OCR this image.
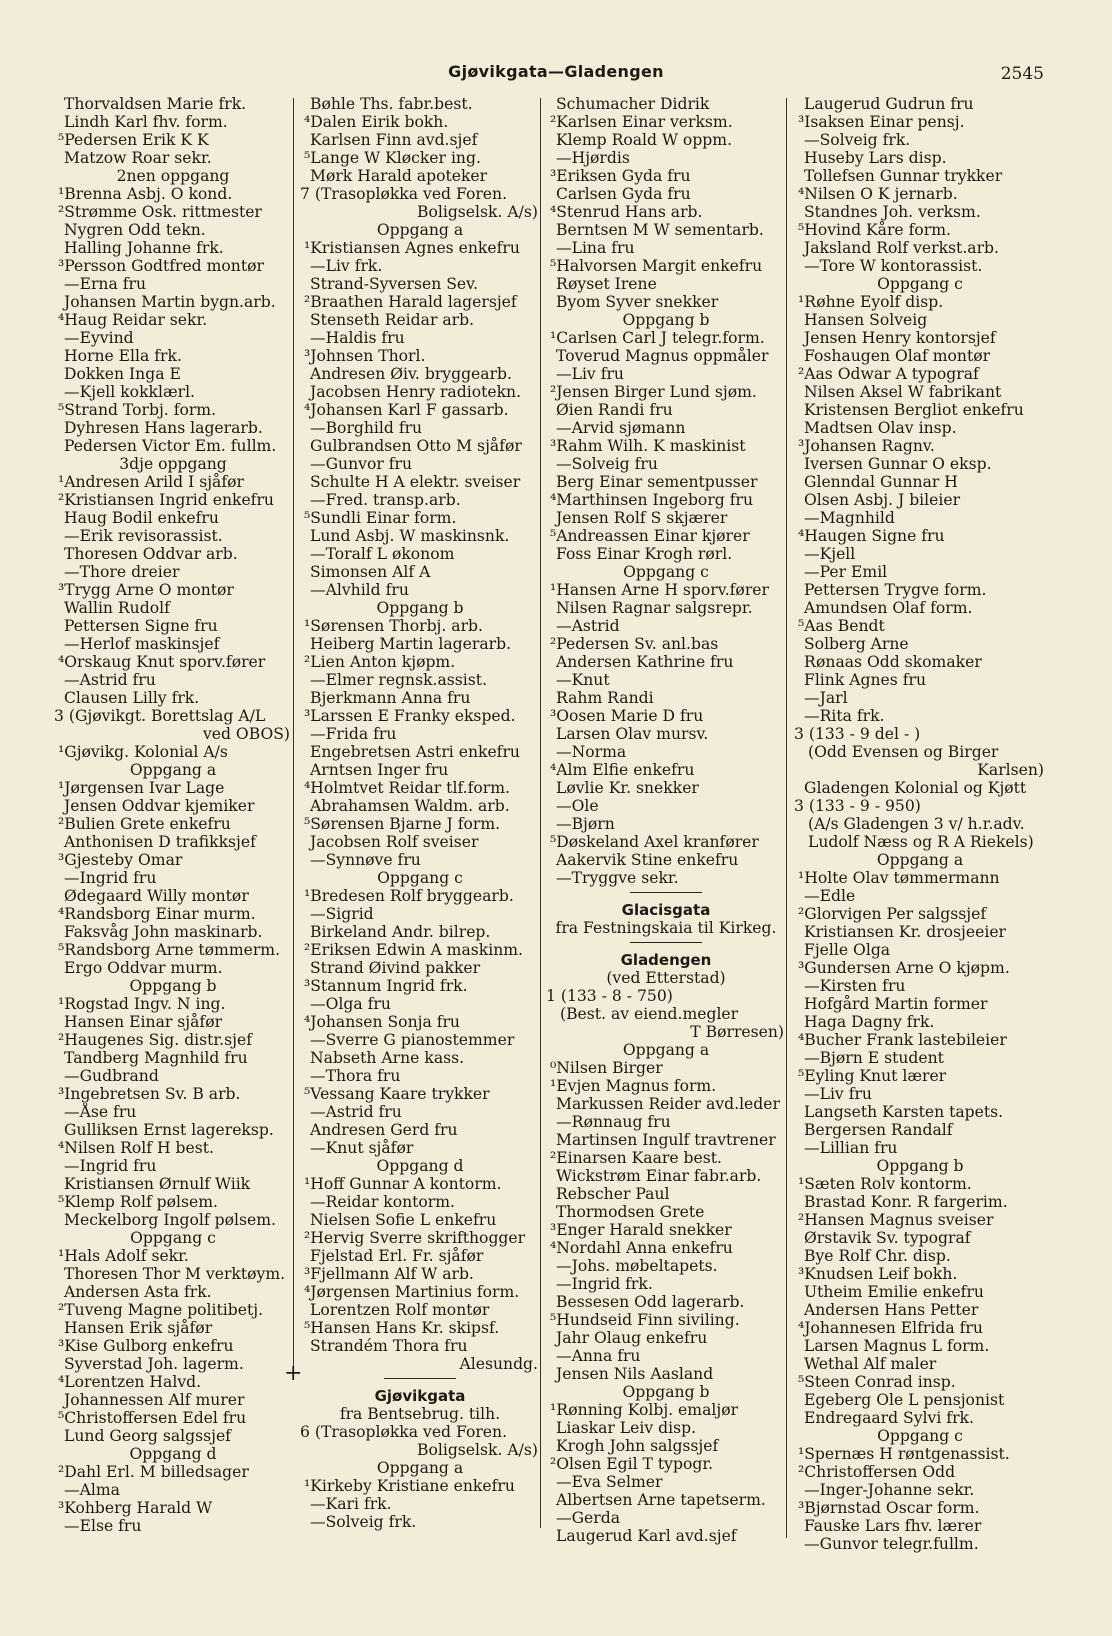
Gjøvikgata—Gladengen	2545
Thorvaldsen Marie frk.
Lindh Karl fhv. form.
⁵Pedersen Erik K K
Matzow Roar sekr.
2nen oppgang
¹Brenna Asbj. O kond.
²Strømme Osk. rittmester
Nygren Odd tekn.
Halling Johanne frk.
³Persson Godtfred montør
—Erna fru
Johansen Martin bygn.arb.
⁴Haug Reidar sekr.
—Eyvind
Horne Ella frk.
Dokken Inga E
—Kjell kokklærl.
⁵Strand Torbj. form.
Dyhresen Hans lagerarb.
Pedersen Victor Em. fullm.
3dje oppgang
¹Andresen Arild I sjåfør
²Kristiansen Ingrid enkefru
Haug Bodil enkefru
—Erik revisorassist.
Thoresen Oddvar arb.
—Thore dreier
³Trygg Arne O montør
Wallin Rudolf
Pettersen Signe fru
—Herlof maskinsjef
⁴Orskaug Knut sporv.fører
—Astrid fru
Clausen Lilly frk.
3 (Gjøvikgt. Borettslag A/L
ved OBOS)
¹Gjøvikg. Kolonial A/s
Oppgang a
¹Jørgensen Ivar Lage
Jensen Oddvar kjemiker
²Bulien Grete enkefru
Anthonisen D trafikksjef
³Gjesteby Omar
—Ingrid fru
Ødegaard Willy montør
⁴Randsborg Einar murm.
Faksvåg John maskinarb.
⁵Randsborg Arne tømmerm.
Ergo Oddvar murm.
Oppgang b
¹Rogstad Ingv. N ing.
Hansen Einar sjåfør
²Haugenes Sig. distr.sjef
Tandberg Magnhild fru
—Gudbrand
³Ingebretsen Sv. B arb.
—Åse fru
Gulliksen Ernst lagereksp.
⁴Nilsen Rolf H best.
—Ingrid fru
Kristiansen Ørnulf Wiik
⁵Klemp Rolf pølsem.
Meckelborg Ingolf pølsem.
Oppgang c
¹Hals Adolf sekr.
Thoresen Thor M verktøym.
Andersen Asta frk.
²Tuveng Magne politibetj.
Hansen Erik sjåfør
³Kise Gulborg enkefru
Syverstad Joh. lagerm.
⁴Lorentzen Halvd.
Johannessen Alf murer
⁵Christoffersen Edel fru
Lund Georg salgssjef
Oppgang d
²Dahl Erl. M billedsager
—Alma
³Kohberg Harald W
—Else fru
Bøhle Ths. fabr.best.
⁴Dalen Eirik bokh.
Karlsen Finn avd.sjef
⁵Lange W Kløcker ing.
Mørk Harald apoteker
7 (Trasopløkka ved Foren.
Boligselsk. A/s)
Oppgang a
¹Kristiansen Agnes enkefru
—Liv frk.
Strand-Syversen Sev.
²Braathen Harald lagersjef
Stenseth Reidar arb.
—Haldis fru
³Johnsen Thorl.
Andresen Øiv. bryggearb.
Jacobsen Henry radiotekn.
⁴Johansen Karl F gassarb.
—Borghild fru
Gulbrandsen Otto M sjåfør
—Gunvor fru
Schulte H A elektr. sveiser
—Fred. transp.arb.
⁵Sundli Einar form.
Lund Asbj. W maskinsnk.
—Toralf L økonom
Simonsen Alf A
—Alvhild fru
Oppgang b
¹Sørensen Thorbj. arb.
Heiberg Martin lagerarb.
²Lien Anton kjøpm.
—Elmer regnsk.assist.
Bjerkmann Anna fru
³Larssen E Franky eksped.
—Frida fru
Engebretsen Astri enkefru
Arntsen Inger fru
⁴Holmtvet Reidar tlf.form.
Abrahamsen Waldm. arb.
⁵Sørensen Bjarne J form.
Jacobsen Rolf sveiser
—Synnøve fru
Oppgang c
¹Bredesen Rolf bryggearb.
—Sigrid
Birkeland Andr. bilrep.
²Eriksen Edwin A maskinm.
Strand Øivind pakker
³Stannum Ingrid frk.
—Olga fru
⁴Johansen Sonja fru
—Sverre G pianostemmer
Nabseth Arne kass.
—Thora fru
⁵Vessang Kaare trykker
—Astrid fru
Andresen Gerd fru
—Knut sjåfør
Oppgang d
¹Hoff Gunnar A kontorm.
—Reidar kontorm.
Nielsen Sofie L enkefru
²Hervig Sverre skrifthogger
Fjelstad Erl. Fr. sjåfør
³Fjellmann Alf W arb.
⁴Jørgensen Martinius form.
Lorentzen Rolf montør
⁵Hansen Hans Kr. skipsf.
Strandém Thora fru
Alesundg.
Gjøvikgata
fra Bentsebrug. tilh.
6 (Trasopløkka ved Foren.
Boligselsk. A/s)
Oppgang a
¹Kirkeby Kristiane enkefru
—Kari frk.
—Solveig frk.
Schumacher Didrik
²Karlsen Einar verksm.
Klemp Roald W oppm.
—Hjørdis
³Eriksen Gyda fru
Carlsen Gyda fru
⁴Stenrud Hans arb.
Berntsen M W sementarb.
—Lina fru
⁵Halvorsen Margit enkefru
Røyset Irene
Byom Syver snekker
Oppgang b
¹Carlsen Carl J telegr.form.
Toverud Magnus oppmåler
—Liv fru
²Jensen Birger Lund sjøm.
Øien Randi fru
—Arvid sjømann
³Rahm Wilh. K maskinist
—Solveig fru
Berg Einar sementpusser
⁴Marthinsen Ingeborg fru
Jensen Rolf S skjærer
⁵Andreassen Einar kjører
Foss Einar Krogh rørl.
Oppgang c
¹Hansen Arne H sporv.fører
Nilsen Ragnar salgsrepr.
—Astrid
²Pedersen Sv. anl.bas
Andersen Kathrine fru
—Knut
Rahm Randi
³Oosen Marie D fru
Larsen Olav mursv.
—Norma
⁴Alm Elfie enkefru
Løvlie Kr. snekker
—Ole
—Bjørn
⁵Døskeland Axel kranfører
Aakervik Stine enkefru
—Tryggve sekr.
Glacisgata
fra Festningskaia til Kirkeg.
Gladengen
(ved Etterstad)
1 (133 - 8 - 750)
(Best. av eiend.megler
T Børresen)
Oppgang a
⁰Nilsen Birger
¹Evjen Magnus form.
Markussen Reider avd.leder
—Rønnaug fru
Martinsen Ingulf travtrener
²Einarsen Kaare best.
Wickstrøm Einar fabr.arb.
Rebscher Paul
Thormodsen Grete
³Enger Harald snekker
⁴Nordahl Anna enkefru
—Johs. møbeltapets.
—Ingrid frk.
Bessesen Odd lagerarb.
⁵Hundseid Finn siviling.
Jahr Olaug enkefru
—Anna fru
Jensen Nils Aasland
Oppgang b
¹Rønning Kolbj. emaljør
Liaskar Leiv disp.
Krogh John salgssjef
²Olsen Egil T typogr.
—Eva Selmer
Albertsen Arne tapetserm.
—Gerda
Laugerud Karl avd.sjef
Laugerud Gudrun fru
³Isaksen Einar pensj.
—Solveig frk.
Huseby Lars disp.
Tollefsen Gunnar trykker
⁴Nilsen O K jernarb.
Standnes Joh. verksm.
⁵Hovind Kåre form.
Jaksland Rolf verkst.arb.
—Tore W kontorassist.
Oppgang c
¹Røhne Eyolf disp.
Hansen Solveig
Jensen Henry kontorsjef
Foshaugen Olaf montør
²Aas Odwar A typograf
Nilsen Aksel W fabrikant
Kristensen Bergliot enkefru
Madtsen Olav insp.
³Johansen Ragnv.
Iversen Gunnar O eksp.
Glenndal Gunnar H
Olsen Asbj. J bileier
—Magnhild
⁴Haugen Signe fru
—Kjell
—Per Emil
Pettersen Trygve form.
Amundsen Olaf form.
⁵Aas Bendt
Solberg Arne
Rønaas Odd skomaker
Flink Agnes fru
—Jarl
—Rita frk.
3 (133 - 9 del - )
(Odd Evensen og Birger
Karlsen)
Gladengen Kolonial og Kjøtt
3 (133 - 9 - 950)
(A/s Gladengen 3 v/ h.r.adv.
Ludolf Næss og R A Riekels)
Oppgang a
¹Holte Olav tømmermann
—Edle
²Glorvigen Per salgssjef
Kristiansen Kr. drosjeeier
Fjelle Olga
³Gundersen Arne O kjøpm.
—Kirsten fru
Hofgård Martin former
Haga Dagny frk.
⁴Bucher Frank lastebileier
—Bjørn E student
⁵Eyling Knut lærer
—Liv fru
Langseth Karsten tapets.
Bergersen Randalf
—Lillian fru
Oppgang b
¹Sæten Rolv kontorm.
Brastad Konr. R fargerim.
²Hansen Magnus sveiser
Ørstavik Sv. typograf
Bye Rolf Chr. disp.
³Knudsen Leif bokh.
Utheim Emilie enkefru
Andersen Hans Petter
⁴Johannesen Elfrida fru
Larsen Magnus L form.
Wethal Alf maler
⁵Steen Conrad insp.
Egeberg Ole L pensjonist
Endregaard Sylvi frk.
Oppgang c
¹Spernæs H røntgenassist.
²Christoffersen Odd
—Inger-Johanne sekr.
³Bjørnstad Oscar form.
Fauske Lars fhv. lærer
—Gunvor telegr.fullm.
+
